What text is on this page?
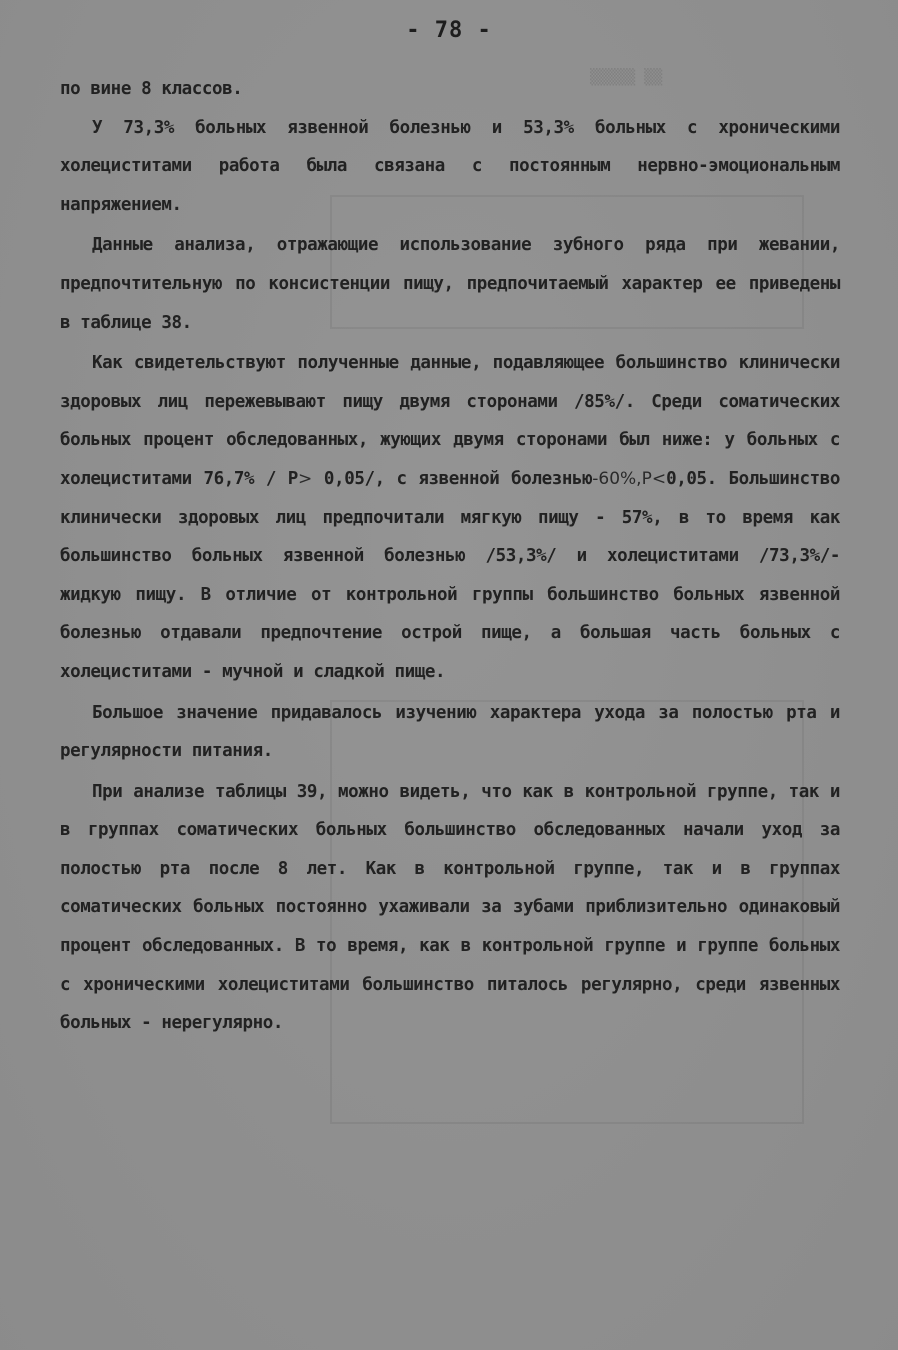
▒▒▒▒▒ ▒▒
- 78 -

по вине 8 классов.

У 73,3% больных язвенной болезнью и 53,3% больных с хроническими холециститами работа была связана с постоянным нервно-эмоциональным напряжением.

Данные анализа, отражающие использование зубного ряда при жевании, предпочтительную по консистенции пищу, предпочитаемый характер ее приведены в таблице 38.

Как свидетельствуют полученные данные, подавляющее большинство клинически здоровых лиц пережевывают пищу двумя сторонами /85%/. Среди соматических больных процент обследованных, жующих двумя сторонами был ниже: у больных с холециститами 76,7% / P> 0,05/, с язвенной болезнью-60%,P<0,05. Большинство клинически здоровых лиц предпочитали мягкую пищу - 57%, в то время как большинство больных язвенной болезнью /53,3%/ и холециститами /73,3%/- жидкую пищу. В отличие от контрольной группы большинство больных язвенной болезнью отдавали предпочтение острой пище, а большая часть больных с холециститами - мучной и сладкой пище.

Большое значение придавалось изучению характера ухода за полостью рта и регулярности питания.

При анализе таблицы 39, можно видеть, что как в контрольной группе, так и в группах соматических больных большинство обследованных начали уход за полостью рта после 8 лет. Как в контрольной группе, так и в группах соматических больных постоянно ухаживали за зубами приблизительно одинаковый процент обследованных. В то время, как в контрольной группе и группе больных с хроническими холециститами большинство питалось регулярно, среди язвенных больных - нерегулярно.
